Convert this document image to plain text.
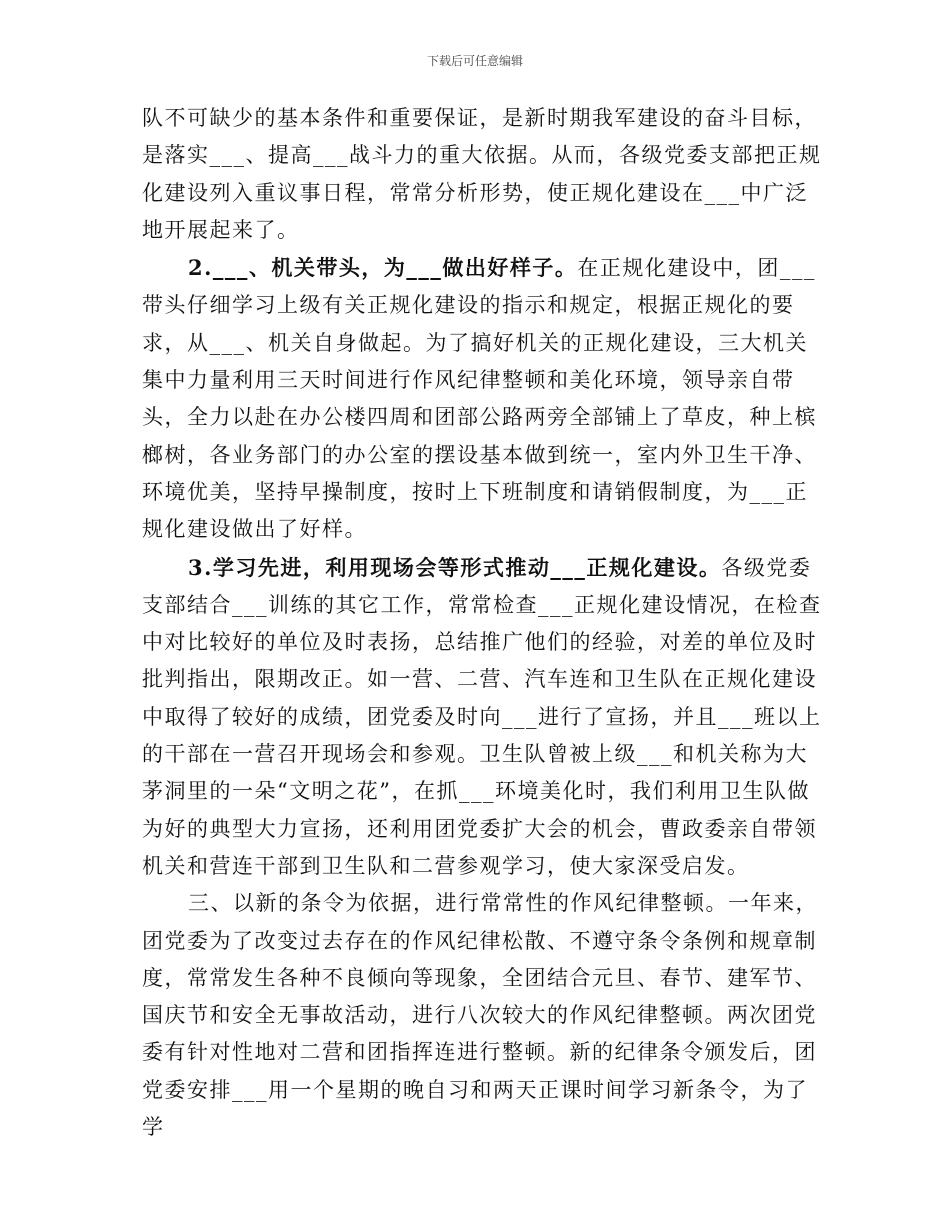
下载后可任意编辑

队不可缺少的基本条件和重要保证，是新时期我军建设的奋斗目标，是落实___、提高___战斗力的重大依据。从而，各级党委支部把正规化建设列入重议事日程，常常分析形势，使正规化建设在___中广泛地开展起来了。

2.___、机关带头，为___做出好样子。在正规化建设中，团___带头仔细学习上级有关正规化建设的指示和规定，根据正规化的要求，从___、机关自身做起。为了搞好机关的正规化建设，三大机关集中力量利用三天时间进行作风纪律整顿和美化环境，领导亲自带头，全力以赴在办公楼四周和团部公路两旁全部铺上了草皮，种上槟榔树，各业务部门的办公室的摆设基本做到统一，室内外卫生干净、环境优美，坚持早操制度，按时上下班制度和请销假制度，为___正规化建设做出了好样。

3.学习先进，利用现场会等形式推动___正规化建设。各级党委支部结合___训练的其它工作，常常检查___正规化建设情况，在检查中对比较好的单位及时表扬，总结推广他们的经验，对差的单位及时批判指出，限期改正。如一营、二营、汽车连和卫生队在正规化建设中取得了较好的成绩，团党委及时向___进行了宣扬，并且___班以上的干部在一营召开现场会和参观。卫生队曾被上级___和机关称为大茅洞里的一朵“文明之花”，在抓___环境美化时，我们利用卫生队做为好的典型大力宣扬，还利用团党委扩大会的机会，曹政委亲自带领机关和营连干部到卫生队和二营参观学习，使大家深受启发。

三、以新的条令为依据，进行常常性的作风纪律整顿。一年来，团党委为了改变过去存在的作风纪律松散、不遵守条令条例和规章制度，常常发生各种不良倾向等现象，全团结合元旦、春节、建军节、国庆节和安全无事故活动，进行八次较大的作风纪律整顿。两次团党委有针对性地对二营和团指挥连进行整顿。新的纪律条令颁发后，团党委安排___用一个星期的晚自习和两天正课时间学习新条令，为了学
